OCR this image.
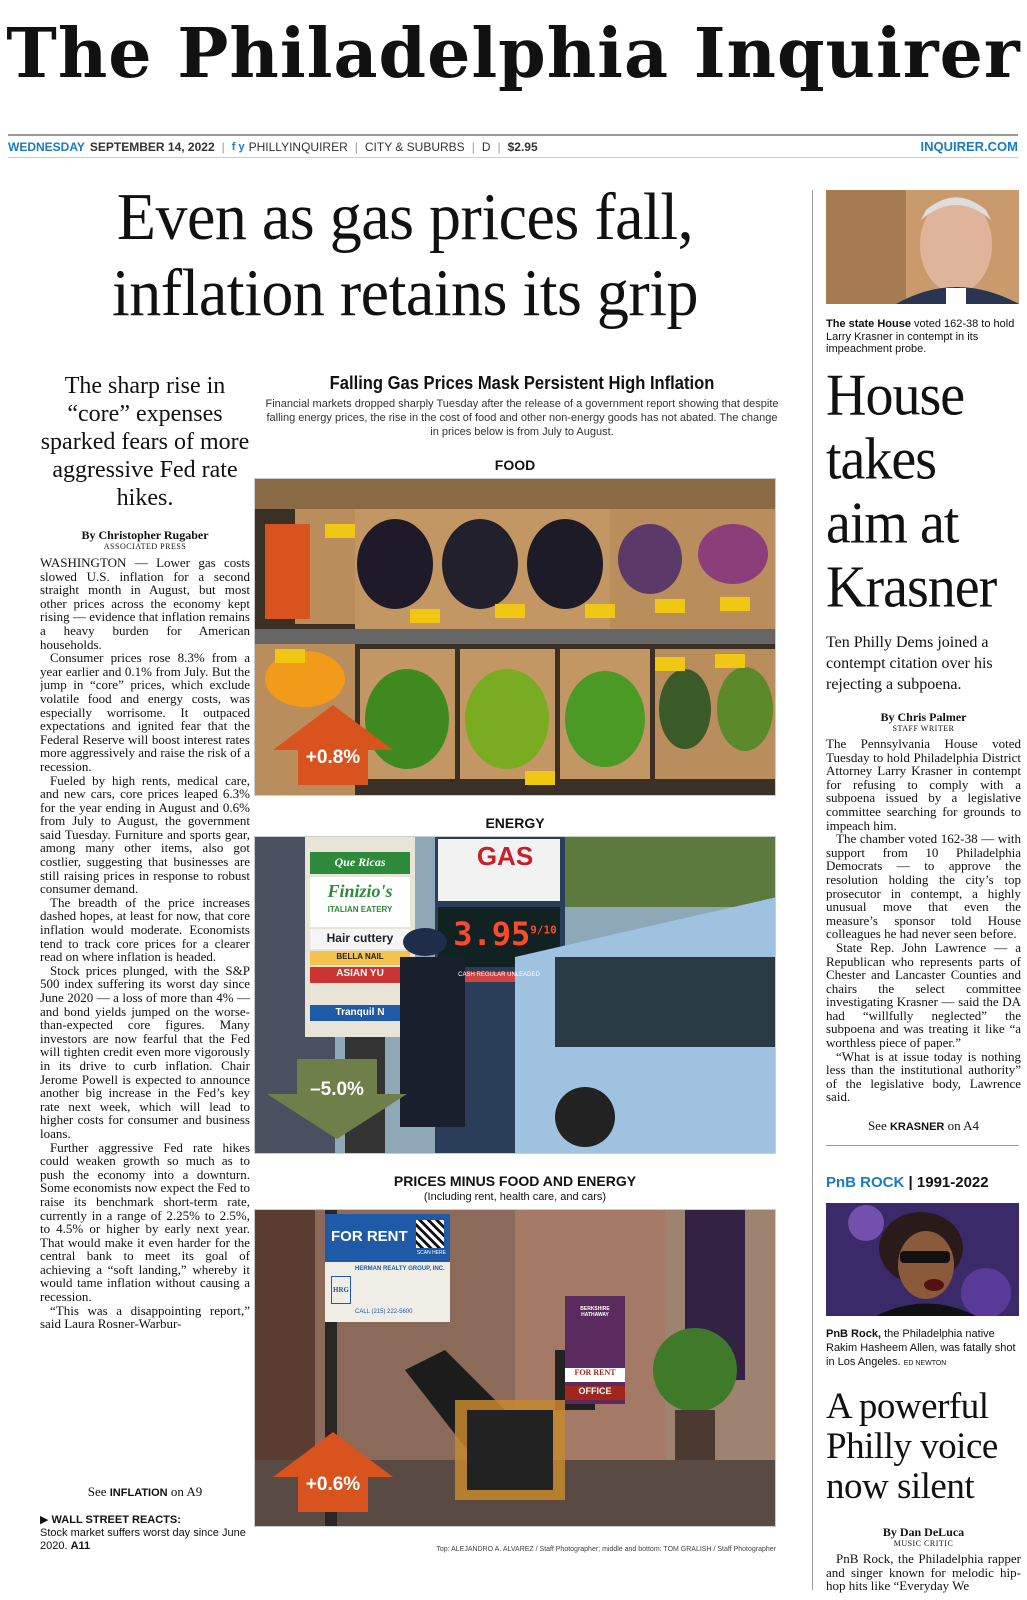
The Philadelphia Inquirer
WEDNESDAY SEPTEMBER 14, 2022 | f y PHILLYINQUIRER | CITY & SUBURBS | D | $2.95	INQUIRER.COM
Even as gas prices fall,
inflation retains its grip
The sharp rise in “core” expenses sparked fears of more aggressive Fed rate hikes.
By Christopher Rugaber
ASSOCIATED PRESS

WASHINGTON — Lower gas costs slowed U.S. inflation for a second straight month in August, but most other prices across the economy kept rising — evidence that inflation remains a heavy burden for American households.

Consumer prices rose 8.3% from a year earlier and 0.1% from July. But the jump in “core” prices, which exclude volatile food and energy costs, was especially worrisome. It outpaced expectations and ignited fear that the Federal Reserve will boost interest rates more aggressively and raise the risk of a recession.

Fueled by high rents, medical care, and new cars, core prices leaped 6.3% for the year ending in August and 0.6% from July to August, the government said Tuesday. Furniture and sports gear, among many other items, also got costlier, suggesting that businesses are still raising prices in response to robust consumer demand.

The breadth of the price increases dashed hopes, at least for now, that core inflation would moderate. Economists tend to track core prices for a clearer read on where inflation is headed.

Stock prices plunged, with the S&P 500 index suffering its worst day since June 2020 — a loss of more than 4% — and bond yields jumped on the worse-than-expected core figures. Many investors are now fearful that the Fed will tighten credit even more vigorously in its drive to curb inflation. Chair Jerome Powell is expected to announce another big increase in the Fed’s key rate next week, which will lead to higher costs for consumer and business loans.

Further aggressive Fed rate hikes could weaken growth so much as to push the economy into a downturn. Some economists now expect the Fed to raise its benchmark short-term rate, currently in a range of 2.25% to 2.5%, to 4.5% or higher by early next year. That would make it even harder for the central bank to meet its goal of achieving a “soft landing,” whereby it would tame inflation without causing a recession.

“This was a disappointing report,” said Laura Rosner-Warbur-

See INFLATION on A9
▶ WALL STREET REACTS:
Stock market suffers worst day since June 2020. A11
Falling Gas Prices Mask Persistent High Inflation
Financial markets dropped sharply Tuesday after the release of a government report showing that despite falling energy prices, the rise in the cost of food and other non-energy goods has not abated. The change in prices below is from July to August.
FOOD
+0.8%
ENERGY
GAS
$3.95^{9/10}$
CASH REGULAR UNLEADED
Que Ricas
Finizio's
ITALIAN EATERY
Hair cuttery
BELLA NAIL
ASIAN YU
Tranquil N
–5.0%
PRICES MINUS FOOD AND ENERGY
(Including rent, health care, and cars)
FOR RENT
SCAN HERE
HERMAN REALTY GROUP, INC.
HRG
CALL (215) 222-5600	BERKSHIRE HATHAWAY
FOR RENT
OFFICE
+0.6%
Top: ALEJANDRO A. ALVAREZ / Staff Photographer; middle and bottom: TOM GRALISH / Staff Photographer
The state House voted 162-38 to hold Larry Krasner in contempt in its impeachment probe.
House takes aim at Krasner
Ten Philly Dems joined a contempt citation over his rejecting a subpoena.
By Chris Palmer
STAFF WRITER

The Pennsylvania House voted Tuesday to hold Philadelphia District Attorney Larry Krasner in contempt for refusing to comply with a subpoena issued by a legislative committee searching for grounds to impeach him.

The chamber voted 162-38 — with support from 10 Philadelphia Democrats — to approve the resolution holding the city’s top prosecutor in contempt, a highly unusual move that even the measure’s sponsor told House colleagues he had never seen before.

State Rep. John Lawrence — a Republican who represents parts of Chester and Lancaster Counties and chairs the select committee investigating Krasner — said the DA had “willfully neglected” the subpoena and was treating it like “a worthless piece of paper.”

“What is at issue today is nothing less than the institutional authority” of the legislative body, Lawrence said.

See KRASNER on A4
PnB ROCK | 1991-2022
PnB Rock, the Philadelphia native Rakim Hasheem Allen, was fatally shot in Los Angeles. ED NEWTON
A powerful Philly voice now silent
By Dan DeLuca
MUSIC CRITIC

PnB Rock, the Philadelphia rapper and singer known for melodic hip-hop hits like “Everyday We
